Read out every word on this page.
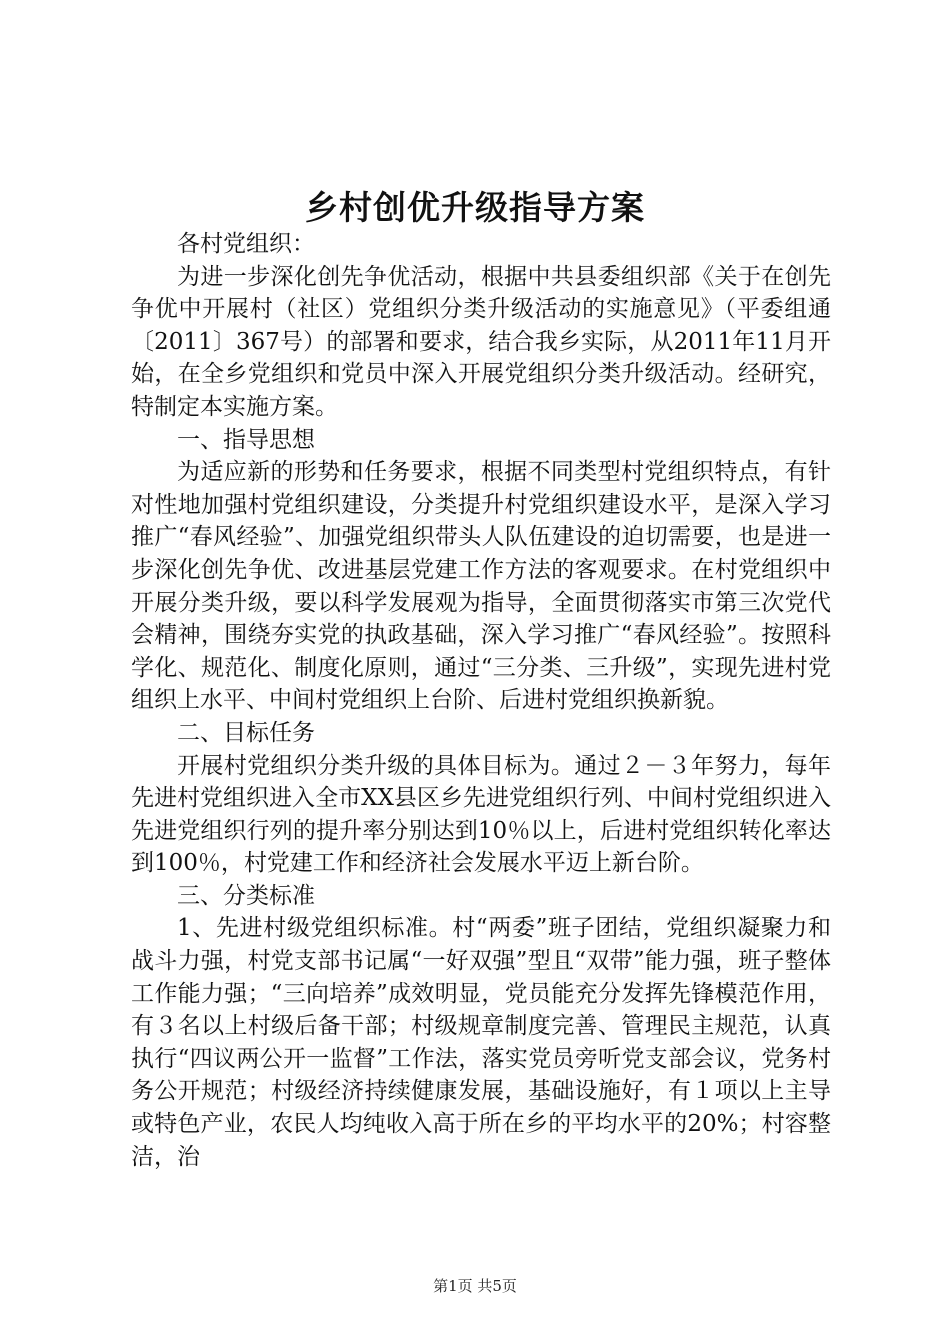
乡村创优升级指导方案

各村党组织：

为进一步深化创先争优活动，根据中共县委组织部《关于在创先争优中开展村（社区）党组织分类升级活动的实施意见》（平委组通〔2011〕367号）的部署和要求，结合我乡实际，从2011年11月开始，在全乡党组织和党员中深入开展党组织分类升级活动。经研究，特制定本实施方案。

一、指导思想

为适应新的形势和任务要求，根据不同类型村党组织特点，有针对性地加强村党组织建设，分类提升村党组织建设水平，是深入学习推广“春风经验”、加强党组织带头人队伍建设的迫切需要，也是进一步深化创先争优、改进基层党建工作方法的客观要求。在村党组织中开展分类升级，要以科学发展观为指导，全面贯彻落实市第三次党代会精神，围绕夯实党的执政基础，深入学习推广“春风经验”。按照科学化、规范化、制度化原则，通过“三分类、三升级”，实现先进村党组织上水平、中间村党组织上台阶、后进村党组织换新貌。

二、目标任务

开展村党组织分类升级的具体目标为。通过２－３年努力，每年先进村党组织进入全市XX县区乡先进党组织行列、中间村党组织进入先进党组织行列的提升率分别达到10％以上，后进村党组织转化率达到100％，村党建工作和经济社会发展水平迈上新台阶。

三、分类标准

1、先进村级党组织标准。村“两委”班子团结，党组织凝聚力和战斗力强，村党支部书记属“一好双强”型且“双带”能力强，班子整体工作能力强；“三向培养”成效明显，党员能充分发挥先锋模范作用，有３名以上村级后备干部；村级规章制度完善、管理民主规范，认真执行“四议两公开一监督”工作法，落实党员旁听党支部会议，党务村务公开规范；村级经济持续健康发展，基础设施好，有１项以上主导或特色产业，农民人均纯收入高于所在乡的平均水平的20%；村容整洁，治

第1页 共5页
